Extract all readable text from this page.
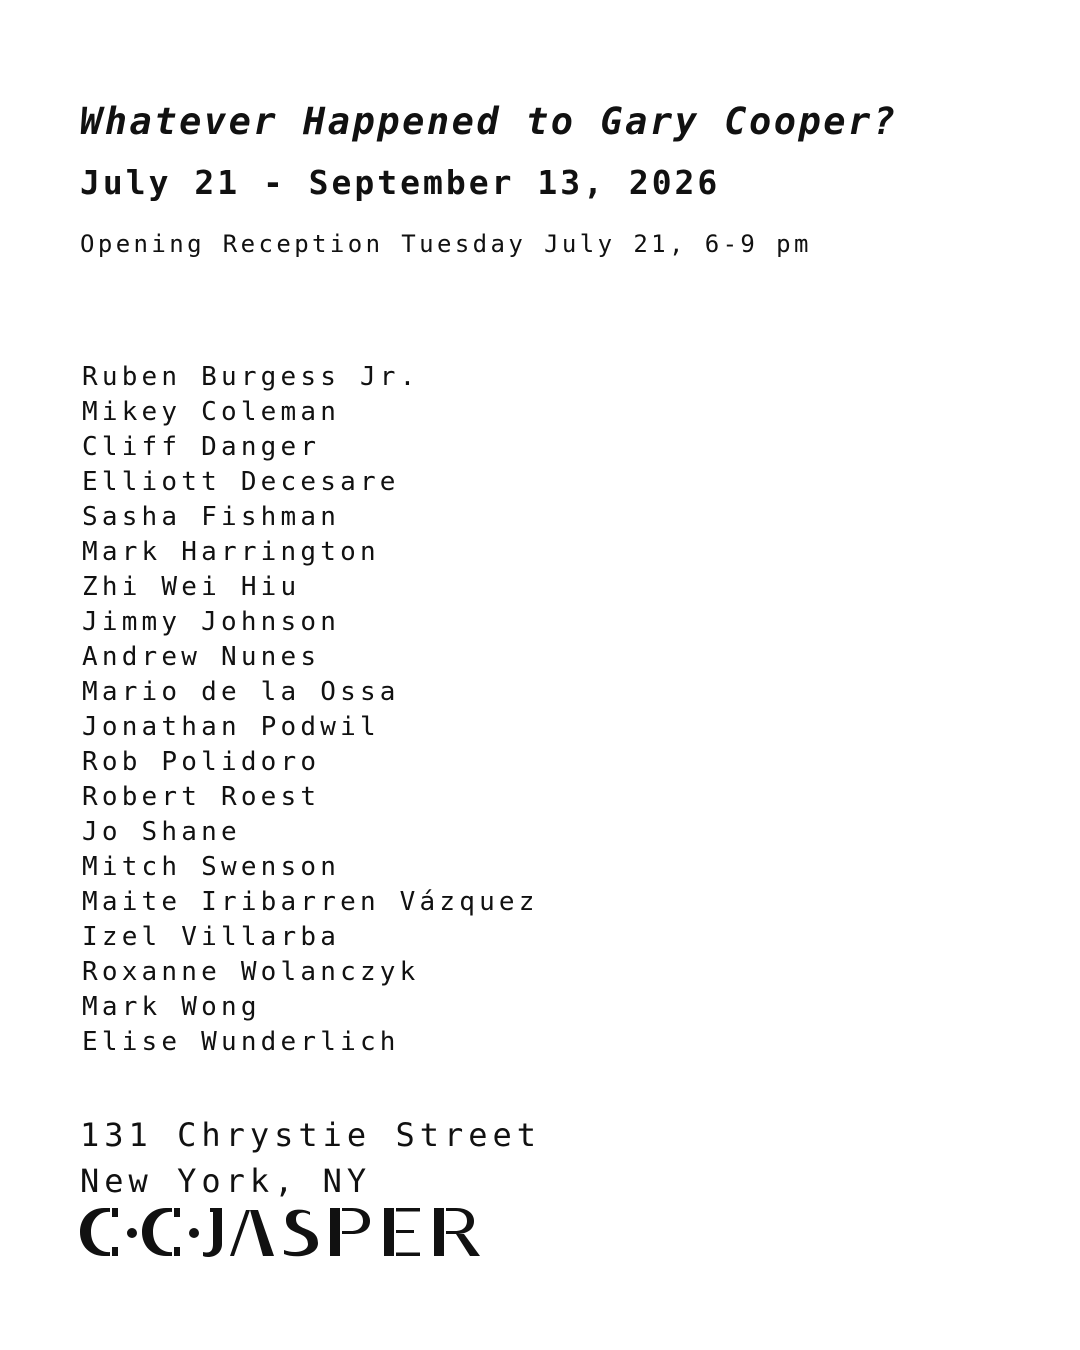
Whatever Happened to Gary Cooper?
July 21 - September 13, 2026

Opening Reception Tuesday July 21, 6-9 pm

Ruben Burgess Jr.
Mikey Coleman
Cliff Danger
Elliott Decesare
Sasha Fishman
Mark Harrington
Zhi Wei Hiu
Jimmy Johnson
Andrew Nunes
Mario de la Ossa
Jonathan Podwil
Rob Polidoro
Robert Roest
Jo Shane
Mitch Swenson
Maite Iribarren Vázquez
Izel Villarba
Roxanne Wolanczyk
Mark Wong
Elise Wunderlich
131 Chrystie Street
New York, NY
